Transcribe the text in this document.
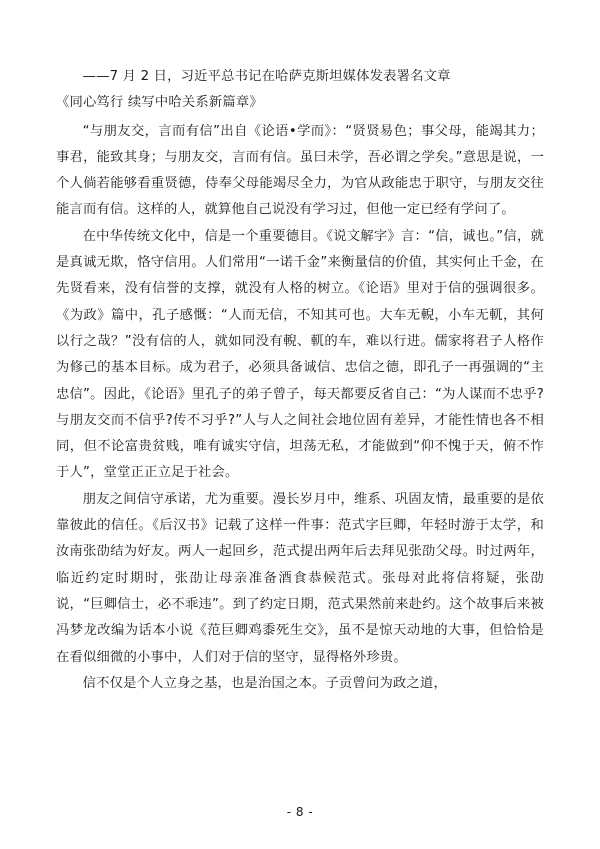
——7 月 2 日，习近平总书记在哈萨克斯坦媒体发表署名文章

《同心笃行 续写中哈关系新篇章》

“与朋友交，言而有信”出自《论语•学而》：“贤贤易色；事父母，能竭其力；事君，能致其身；与朋友交，言而有信。虽曰未学，吾必谓之学矣。”意思是说，一个人倘若能够看重贤德，侍奉父母能竭尽全力，为官从政能忠于职守，与朋友交往能言而有信。这样的人，就算他自己说没有学习过，但他一定已经有学问了。

在中华传统文化中，信是一个重要德目。《说文解字》言：“信，诚也。”信，就是真诚无欺，恪守信用。人们常用“一诺千金”来衡量信的价值，其实何止千金，在先贤看来，没有信誉的支撑，就没有人格的树立。《论语》里对于信的强调很多。《为政》篇中，孔子感慨：“人而无信，不知其可也。大车无輗，小车无軏，其何以行之哉？”没有信的人，就如同没有輗、軏的车，难以行进。儒家将君子人格作为修己的基本目标。成为君子，必须具备诚信、忠信之德，即孔子一再强调的“主忠信”。因此，《论语》里孔子的弟子曾子，每天都要反省自己：“为人谋而不忠乎?与朋友交而不信乎?传不习乎?”人与人之间社会地位固有差异，才能性情也各不相同，但不论富贵贫贱，唯有诚实守信，坦荡无私，才能做到“仰不愧于天，俯不怍于人”，堂堂正正立足于社会。

朋友之间信守承诺，尤为重要。漫长岁月中，维系、巩固友情，最重要的是依靠彼此的信任。《后汉书》记载了这样一件事：范式字巨卿，年轻时游于太学，和汝南张劭结为好友。两人一起回乡，范式提出两年后去拜见张劭父母。时过两年，临近约定时期时，张劭让母亲准备酒食恭候范式。张母对此将信将疑，张劭说，“巨卿信士，必不乖违”。到了约定日期，范式果然前来赴约。这个故事后来被冯梦龙改编为话本小说《范巨卿鸡黍死生交》，虽不是惊天动地的大事，但恰恰是在看似细微的小事中，人们对于信的坚守，显得格外珍贵。

信不仅是个人立身之基，也是治国之本。子贡曾问为政之道，

- 8 -
